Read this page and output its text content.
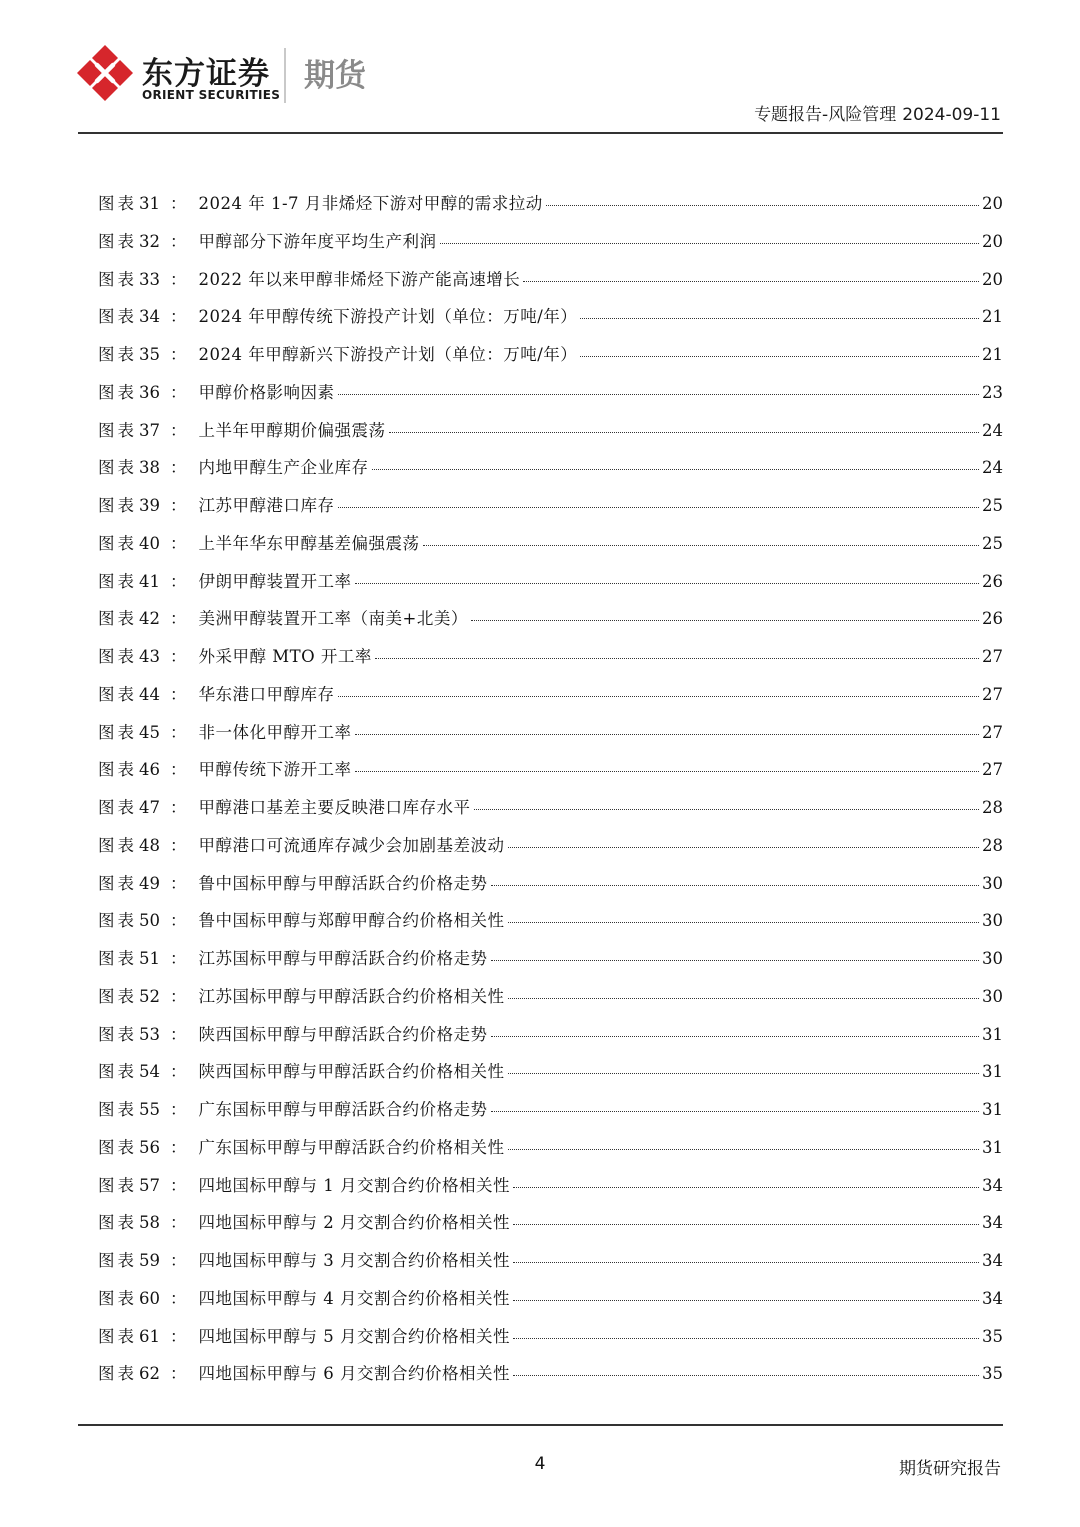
东方证券
ORIENT SECURITIES
期货
专题报告-风险管理 2024-09-11
图表 31 ： 2024 年 1-7 月非烯烃下游对甲醇的需求拉动	20
图表 32 ： 甲醇部分下游年度平均生产利润	20
图表 33 ： 2022 年以来甲醇非烯烃下游产能高速增长	20
图表 34 ： 2024 年甲醇传统下游投产计划（单位：万吨/年）	21
图表 35 ： 2024 年甲醇新兴下游投产计划（单位：万吨/年）	21
图表 36 ： 甲醇价格影响因素	23
图表 37 ： 上半年甲醇期价偏强震荡	24
图表 38 ： 内地甲醇生产企业库存	24
图表 39 ： 江苏甲醇港口库存	25
图表 40 ： 上半年华东甲醇基差偏强震荡	25
图表 41 ： 伊朗甲醇装置开工率	26
图表 42 ： 美洲甲醇装置开工率（南美+北美）	26
图表 43 ： 外采甲醇 MTO 开工率	27
图表 44 ： 华东港口甲醇库存	27
图表 45 ： 非一体化甲醇开工率	27
图表 46 ： 甲醇传统下游开工率	27
图表 47 ： 甲醇港口基差主要反映港口库存水平	28
图表 48 ： 甲醇港口可流通库存减少会加剧基差波动	28
图表 49 ： 鲁中国标甲醇与甲醇活跃合约价格走势	30
图表 50 ： 鲁中国标甲醇与郑醇甲醇合约价格相关性	30
图表 51 ： 江苏国标甲醇与甲醇活跃合约价格走势	30
图表 52 ： 江苏国标甲醇与甲醇活跃合约价格相关性	30
图表 53 ： 陕西国标甲醇与甲醇活跃合约价格走势	31
图表 54 ： 陕西国标甲醇与甲醇活跃合约价格相关性	31
图表 55 ： 广东国标甲醇与甲醇活跃合约价格走势	31
图表 56 ： 广东国标甲醇与甲醇活跃合约价格相关性	31
图表 57 ： 四地国标甲醇与 1 月交割合约价格相关性	34
图表 58 ： 四地国标甲醇与 2 月交割合约价格相关性	34
图表 59 ： 四地国标甲醇与 3 月交割合约价格相关性	34
图表 60 ： 四地国标甲醇与 4 月交割合约价格相关性	34
图表 61 ： 四地国标甲醇与 5 月交割合约价格相关性	35
图表 62 ： 四地国标甲醇与 6 月交割合约价格相关性	35
4	期货研究报告
